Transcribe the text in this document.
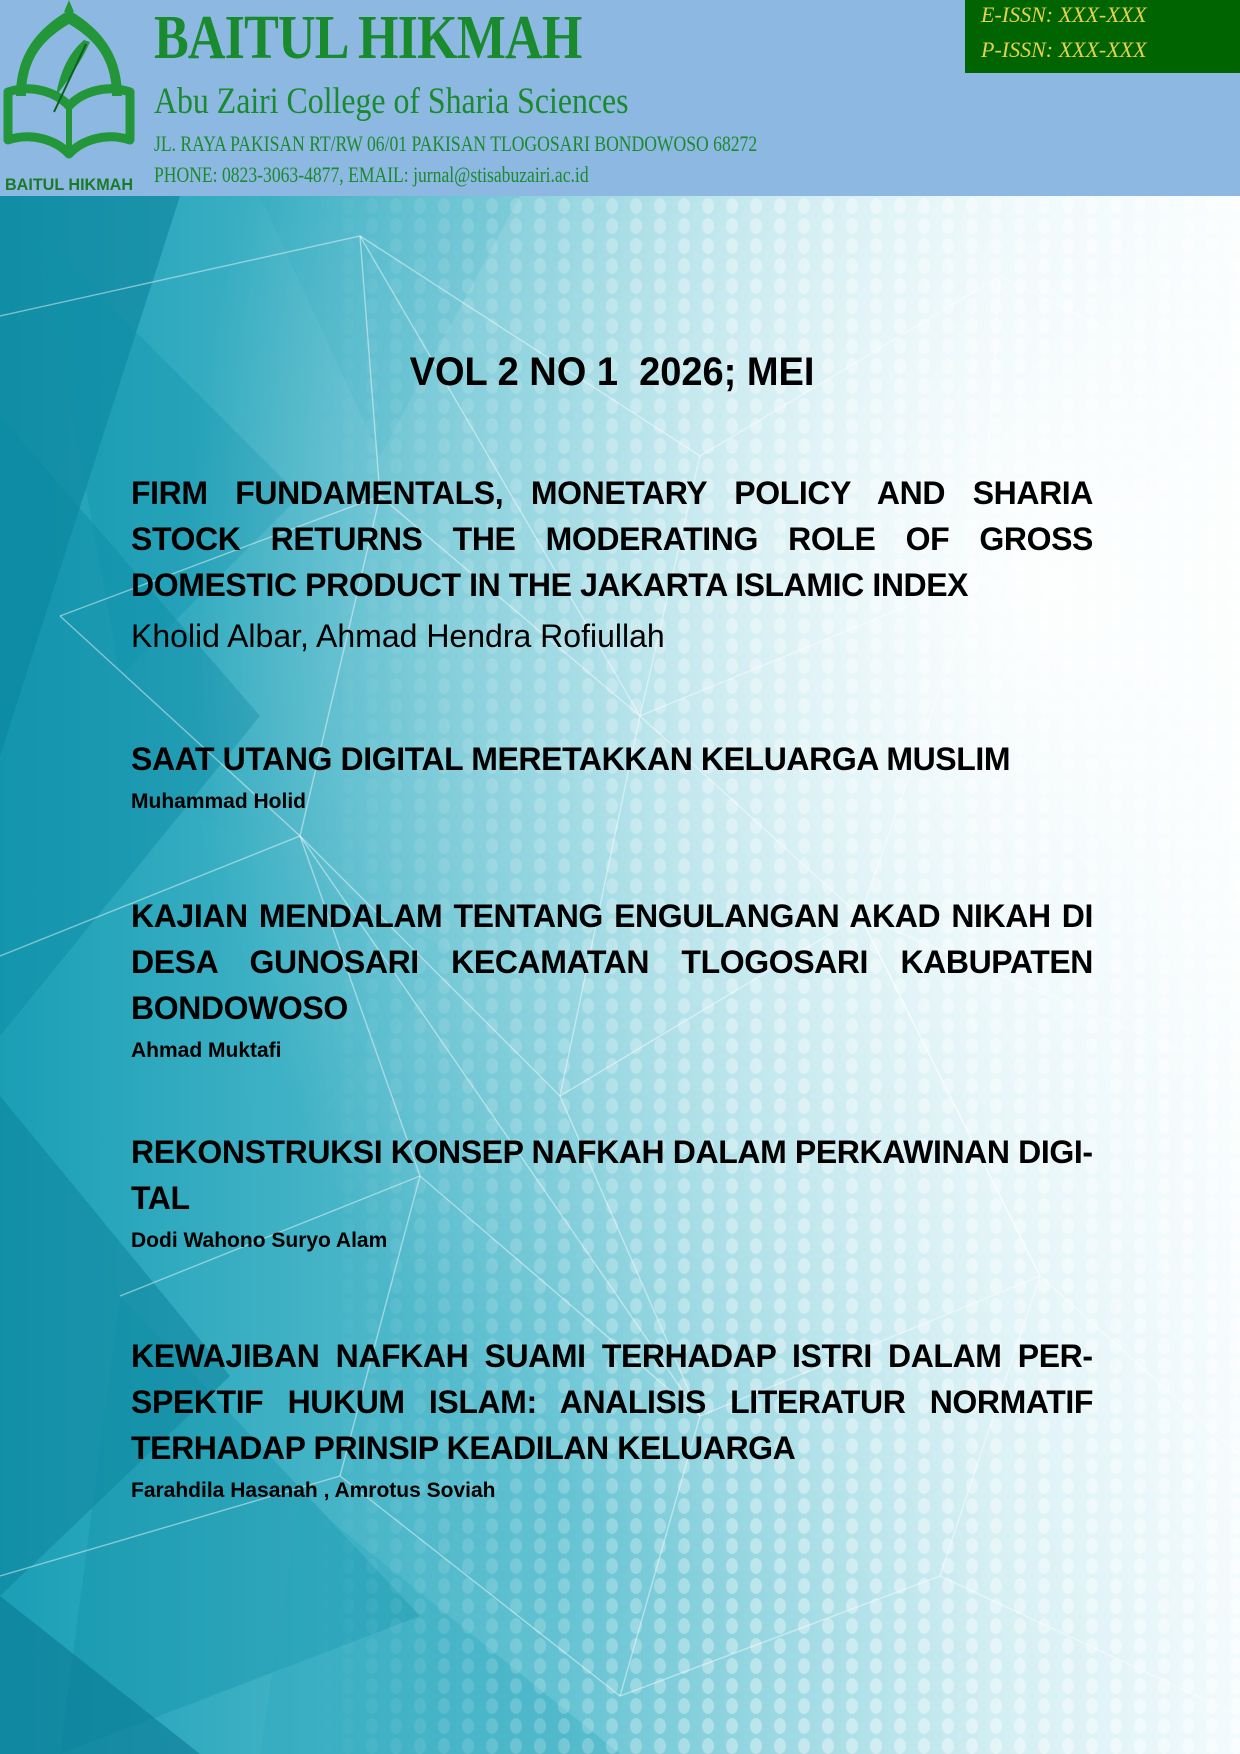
BAITUL HIKMAH
BAITUL HIKMAH
Abu Zairi College of Sharia Sciences
JL. RAYA PAKISAN RT/RW 06/01 PAKISAN TLOGOSARI BONDOWOSO 68272
PHONE: 0823-3063-4877, EMAIL: jurnal@stisabuzairi.ac.id
E-ISSN: XXX-XXX
P-ISSN: XXX-XXX
VOL 2 NO 1  2026; MEI

FIRM FUNDAMENTALS, MONETARY POLICY AND SHARIA STOCK RETURNS THE MODERATING ROLE OF GROSS DOMESTIC PRODUCT IN THE JAKARTA ISLAMIC INDEX

Kholid Albar, Ahmad Hendra Rofiullah

SAAT UTANG DIGITAL MERETAKKAN KELUARGA MUSLIM

Muhammad Holid

KAJIAN MENDALAM TENTANG ENGULANGAN AKAD NIKAH DI DESA GUNOSARI KECAMATAN TLOGOSARI KABUPATEN BONDOWOSO

Ahmad Muktafi

REKONSTRUKSI KONSEP NAFKAH DALAM PERKAWINAN DIGITAL

Dodi Wahono Suryo Alam

KEWAJIBAN NAFKAH SUAMI TERHADAP ISTRI DALAM PERSPEKTIF HUKUM ISLAM: ANALISIS LITERATUR NORMATIF TERHADAP PRINSIP KEADILAN KELUARGA

Farahdila Hasanah , Amrotus Soviah
